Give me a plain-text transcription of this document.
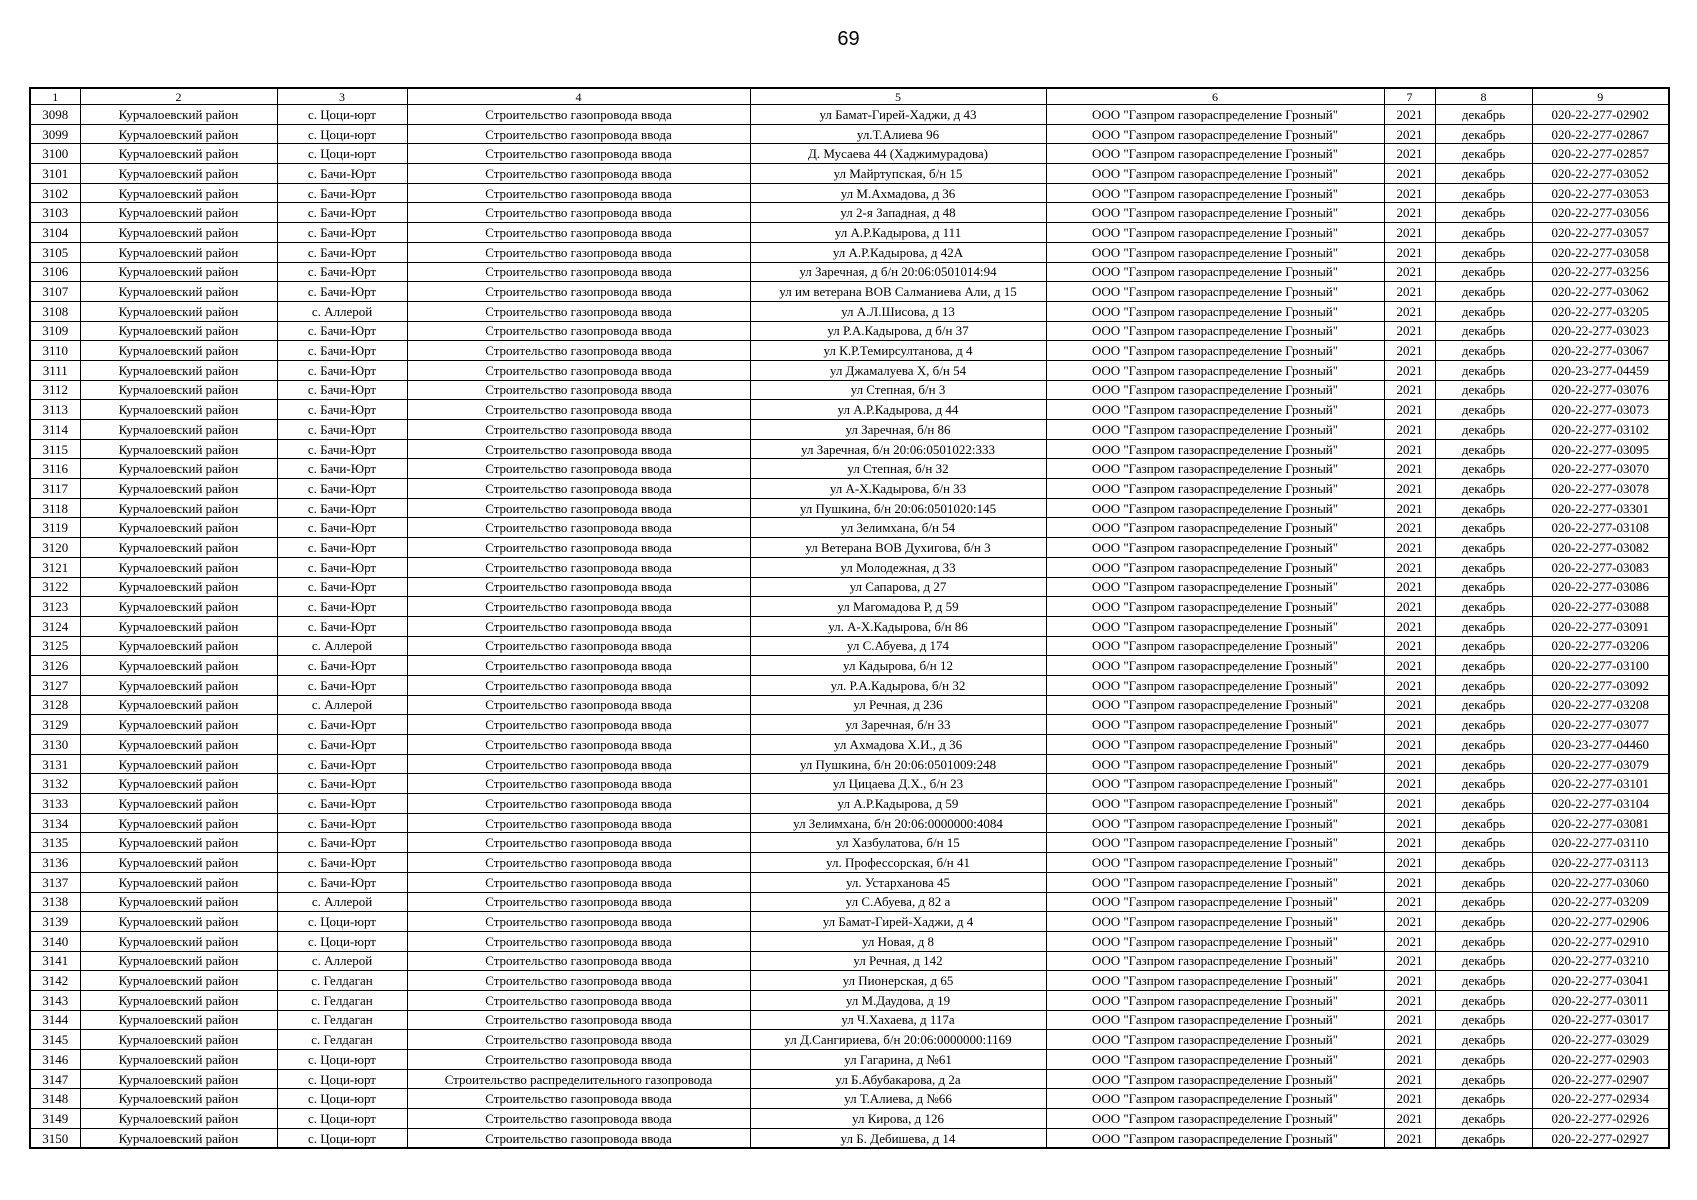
69
1	2	3	4	5	6	7	8	9
3098	Курчалоевский район	с. Цоци-юрт	Строительство газопровода ввода	ул Бамат-Гирей-Хаджи, д 43	ООО "Газпром газораспределение Грозный"	2021	декабрь	020-22-277-02902
3099	Курчалоевский район	с. Цоци-юрт	Строительство газопровода ввода	ул.Т.Алиева 96	ООО "Газпром газораспределение Грозный"	2021	декабрь	020-22-277-02867
3100	Курчалоевский район	с. Цоци-юрт	Строительство газопровода ввода	Д. Мусаева 44 (Хаджимурадова)	ООО "Газпром газораспределение Грозный"	2021	декабрь	020-22-277-02857
3101	Курчалоевский район	с. Бачи-Юрт	Строительство газопровода ввода	ул Майртупская, б/н 15	ООО "Газпром газораспределение Грозный"	2021	декабрь	020-22-277-03052
3102	Курчалоевский район	с. Бачи-Юрт	Строительство газопровода ввода	ул М.Ахмадова, д 36	ООО "Газпром газораспределение Грозный"	2021	декабрь	020-22-277-03053
3103	Курчалоевский район	с. Бачи-Юрт	Строительство газопровода ввода	ул 2-я Западная, д 48	ООО "Газпром газораспределение Грозный"	2021	декабрь	020-22-277-03056
3104	Курчалоевский район	с. Бачи-Юрт	Строительство газопровода ввода	ул А.Р.Кадырова, д 111	ООО "Газпром газораспределение Грозный"	2021	декабрь	020-22-277-03057
3105	Курчалоевский район	с. Бачи-Юрт	Строительство газопровода ввода	ул А.Р.Кадырова, д 42А	ООО "Газпром газораспределение Грозный"	2021	декабрь	020-22-277-03058
3106	Курчалоевский район	с. Бачи-Юрт	Строительство газопровода ввода	ул Заречная, д б/н 20:06:0501014:94	ООО "Газпром газораспределение Грозный"	2021	декабрь	020-22-277-03256
3107	Курчалоевский район	с. Бачи-Юрт	Строительство газопровода ввода	ул им ветерана ВОВ Салманиева Али, д 15	ООО "Газпром газораспределение Грозный"	2021	декабрь	020-22-277-03062
3108	Курчалоевский район	с. Аллерой	Строительство газопровода ввода	ул А.Л.Шисова, д 13	ООО "Газпром газораспределение Грозный"	2021	декабрь	020-22-277-03205
3109	Курчалоевский район	с. Бачи-Юрт	Строительство газопровода ввода	ул Р.А.Кадырова, д б/н 37	ООО "Газпром газораспределение Грозный"	2021	декабрь	020-22-277-03023
3110	Курчалоевский район	с. Бачи-Юрт	Строительство газопровода ввода	ул К.Р.Темирсултанова, д 4	ООО "Газпром газораспределение Грозный"	2021	декабрь	020-22-277-03067
3111	Курчалоевский район	с. Бачи-Юрт	Строительство газопровода ввода	ул Джамалуева Х, б/н 54	ООО "Газпром газораспределение Грозный"	2021	декабрь	020-23-277-04459
3112	Курчалоевский район	с. Бачи-Юрт	Строительство газопровода ввода	ул Степная, б/н 3	ООО "Газпром газораспределение Грозный"	2021	декабрь	020-22-277-03076
3113	Курчалоевский район	с. Бачи-Юрт	Строительство газопровода ввода	ул А.Р.Кадырова, д 44	ООО "Газпром газораспределение Грозный"	2021	декабрь	020-22-277-03073
3114	Курчалоевский район	с. Бачи-Юрт	Строительство газопровода ввода	ул Заречная, б/н 86	ООО "Газпром газораспределение Грозный"	2021	декабрь	020-22-277-03102
3115	Курчалоевский район	с. Бачи-Юрт	Строительство газопровода ввода	ул Заречная, б/н 20:06:0501022:333	ООО "Газпром газораспределение Грозный"	2021	декабрь	020-22-277-03095
3116	Курчалоевский район	с. Бачи-Юрт	Строительство газопровода ввода	ул Степная, б/н 32	ООО "Газпром газораспределение Грозный"	2021	декабрь	020-22-277-03070
3117	Курчалоевский район	с. Бачи-Юрт	Строительство газопровода ввода	ул А-Х.Кадырова, б/н 33	ООО "Газпром газораспределение Грозный"	2021	декабрь	020-22-277-03078
3118	Курчалоевский район	с. Бачи-Юрт	Строительство газопровода ввода	ул Пушкина, б/н 20:06:0501020:145	ООО "Газпром газораспределение Грозный"	2021	декабрь	020-22-277-03301
3119	Курчалоевский район	с. Бачи-Юрт	Строительство газопровода ввода	ул Зелимхана, б/н 54	ООО "Газпром газораспределение Грозный"	2021	декабрь	020-22-277-03108
3120	Курчалоевский район	с. Бачи-Юрт	Строительство газопровода ввода	ул Ветерана ВОВ Духигова, б/н 3	ООО "Газпром газораспределение Грозный"	2021	декабрь	020-22-277-03082
3121	Курчалоевский район	с. Бачи-Юрт	Строительство газопровода ввода	ул Молодежная, д 33	ООО "Газпром газораспределение Грозный"	2021	декабрь	020-22-277-03083
3122	Курчалоевский район	с. Бачи-Юрт	Строительство газопровода ввода	ул Сапарова, д 27	ООО "Газпром газораспределение Грозный"	2021	декабрь	020-22-277-03086
3123	Курчалоевский район	с. Бачи-Юрт	Строительство газопровода ввода	ул Магомадова Р, д 59	ООО "Газпром газораспределение Грозный"	2021	декабрь	020-22-277-03088
3124	Курчалоевский район	с. Бачи-Юрт	Строительство газопровода ввода	ул. А-Х.Кадырова, б/н 86	ООО "Газпром газораспределение Грозный"	2021	декабрь	020-22-277-03091
3125	Курчалоевский район	с. Аллерой	Строительство газопровода ввода	ул С.Абуева, д 174	ООО "Газпром газораспределение Грозный"	2021	декабрь	020-22-277-03206
3126	Курчалоевский район	с. Бачи-Юрт	Строительство газопровода ввода	ул Кадырова, б/н 12	ООО "Газпром газораспределение Грозный"	2021	декабрь	020-22-277-03100
3127	Курчалоевский район	с. Бачи-Юрт	Строительство газопровода ввода	ул. Р.А.Кадырова, б/н 32	ООО "Газпром газораспределение Грозный"	2021	декабрь	020-22-277-03092
3128	Курчалоевский район	с. Аллерой	Строительство газопровода ввода	ул Речная, д 236	ООО "Газпром газораспределение Грозный"	2021	декабрь	020-22-277-03208
3129	Курчалоевский район	с. Бачи-Юрт	Строительство газопровода ввода	ул Заречная, б/н 33	ООО "Газпром газораспределение Грозный"	2021	декабрь	020-22-277-03077
3130	Курчалоевский район	с. Бачи-Юрт	Строительство газопровода ввода	ул Ахмадова Х.И., д 36	ООО "Газпром газораспределение Грозный"	2021	декабрь	020-23-277-04460
3131	Курчалоевский район	с. Бачи-Юрт	Строительство газопровода ввода	ул Пушкина, б/н 20:06:0501009:248	ООО "Газпром газораспределение Грозный"	2021	декабрь	020-22-277-03079
3132	Курчалоевский район	с. Бачи-Юрт	Строительство газопровода ввода	ул Цицаева Д.Х., б/н 23	ООО "Газпром газораспределение Грозный"	2021	декабрь	020-22-277-03101
3133	Курчалоевский район	с. Бачи-Юрт	Строительство газопровода ввода	ул А.Р.Кадырова, д 59	ООО "Газпром газораспределение Грозный"	2021	декабрь	020-22-277-03104
3134	Курчалоевский район	с. Бачи-Юрт	Строительство газопровода ввода	ул Зелимхана, б/н 20:06:0000000:4084	ООО "Газпром газораспределение Грозный"	2021	декабрь	020-22-277-03081
3135	Курчалоевский район	с. Бачи-Юрт	Строительство газопровода ввода	ул Хазбулатова, б/н 15	ООО "Газпром газораспределение Грозный"	2021	декабрь	020-22-277-03110
3136	Курчалоевский район	с. Бачи-Юрт	Строительство газопровода ввода	ул. Профессорская, б/н 41	ООО "Газпром газораспределение Грозный"	2021	декабрь	020-22-277-03113
3137	Курчалоевский район	с. Бачи-Юрт	Строительство газопровода ввода	ул. Устарханова 45	ООО "Газпром газораспределение Грозный"	2021	декабрь	020-22-277-03060
3138	Курчалоевский район	с. Аллерой	Строительство газопровода ввода	ул С.Абуева, д 82 а	ООО "Газпром газораспределение Грозный"	2021	декабрь	020-22-277-03209
3139	Курчалоевский район	с. Цоци-юрт	Строительство газопровода ввода	ул Бамат-Гирей-Хаджи, д 4	ООО "Газпром газораспределение Грозный"	2021	декабрь	020-22-277-02906
3140	Курчалоевский район	с. Цоци-юрт	Строительство газопровода ввода	ул Новая, д 8	ООО "Газпром газораспределение Грозный"	2021	декабрь	020-22-277-02910
3141	Курчалоевский район	с. Аллерой	Строительство газопровода ввода	ул Речная, д 142	ООО "Газпром газораспределение Грозный"	2021	декабрь	020-22-277-03210
3142	Курчалоевский район	с. Гелдаган	Строительство газопровода ввода	ул Пионерская, д 65	ООО "Газпром газораспределение Грозный"	2021	декабрь	020-22-277-03041
3143	Курчалоевский район	с. Гелдаган	Строительство газопровода ввода	ул М.Даудова, д 19	ООО "Газпром газораспределение Грозный"	2021	декабрь	020-22-277-03011
3144	Курчалоевский район	с. Гелдаган	Строительство газопровода ввода	ул Ч.Хахаева, д 117а	ООО "Газпром газораспределение Грозный"	2021	декабрь	020-22-277-03017
3145	Курчалоевский район	с. Гелдаган	Строительство газопровода ввода	ул Д.Сангириева, б/н 20:06:0000000:1169	ООО "Газпром газораспределение Грозный"	2021	декабрь	020-22-277-03029
3146	Курчалоевский район	с. Цоци-юрт	Строительство газопровода ввода	ул Гагарина, д №61	ООО "Газпром газораспределение Грозный"	2021	декабрь	020-22-277-02903
3147	Курчалоевский район	с. Цоци-юрт	Строительство распределительного газопровода	ул Б.Абубакарова, д 2а	ООО "Газпром газораспределение Грозный"	2021	декабрь	020-22-277-02907
3148	Курчалоевский район	с. Цоци-юрт	Строительство газопровода ввода	ул Т.Алиева, д №66	ООО "Газпром газораспределение Грозный"	2021	декабрь	020-22-277-02934
3149	Курчалоевский район	с. Цоци-юрт	Строительство газопровода ввода	ул Кирова, д 126	ООО "Газпром газораспределение Грозный"	2021	декабрь	020-22-277-02926
3150	Курчалоевский район	с. Цоци-юрт	Строительство газопровода ввода	ул Б. Дебишева, д 14	ООО "Газпром газораспределение Грозный"	2021	декабрь	020-22-277-02927
